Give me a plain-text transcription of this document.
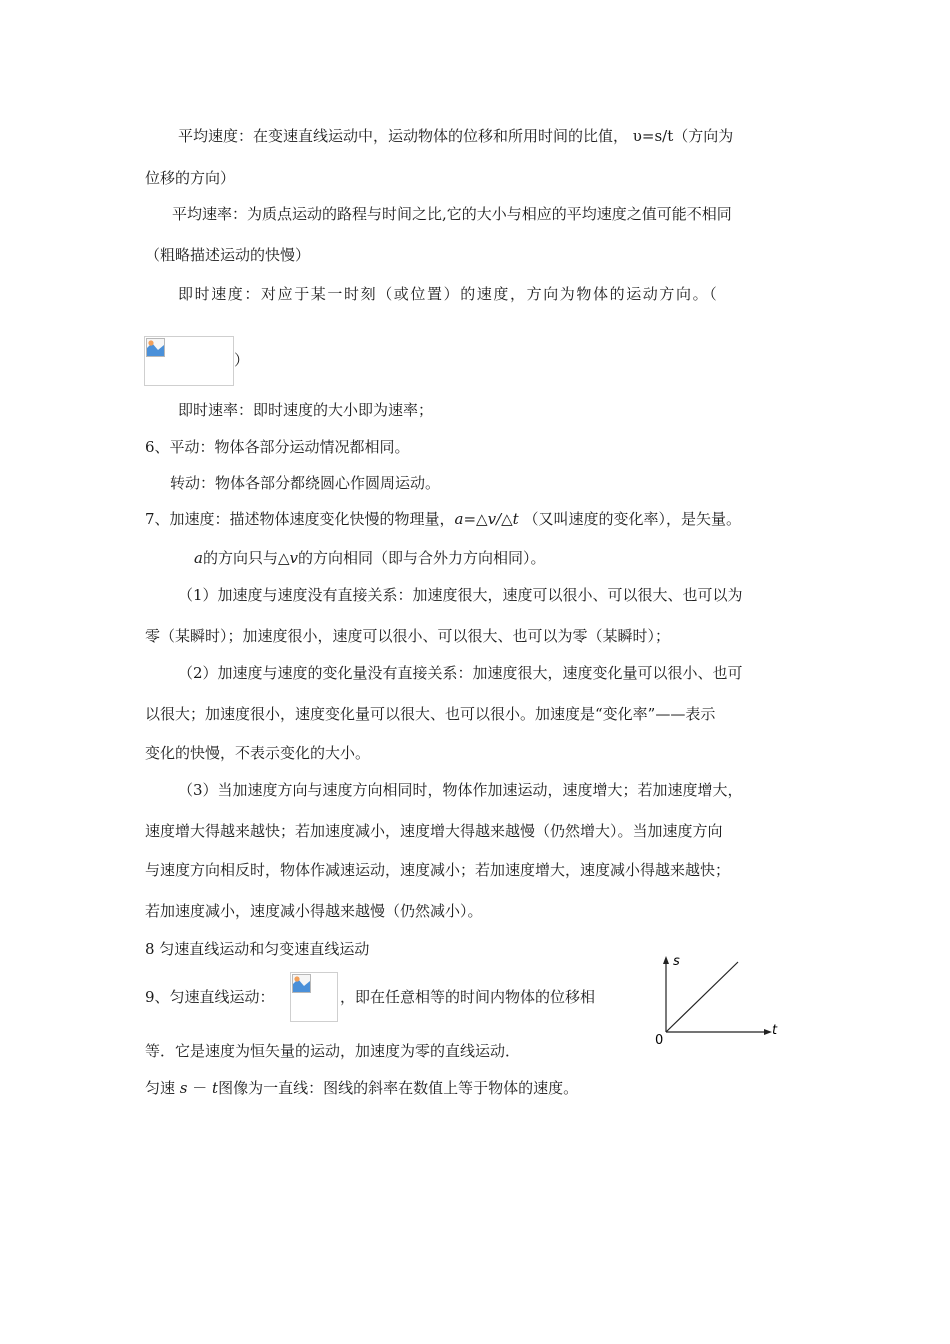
平均速度：在变速直线运动中，运动物体的位移和所用时间的比值， υ=s/t（方向为
位移的方向）
平均速率：为质点运动的路程与时间之比,它的大小与相应的平均速度之值可能不相同
（粗略描述运动的快慢）
即时速度：对应于某一时刻（或位置）的速度，方向为物体的运动方向。（
）
即时速率：即时速度的大小即为速率；
6、平动：物体各部分运动情况都相同。
转动：物体各部分都绕圆心作圆周运动。
7、加速度：描述物体速度变化快慢的物理量，a=△v/△t （又叫速度的变化率），是矢量。
a的方向只与△v的方向相同（即与合外力方向相同）。
（1）加速度与速度没有直接关系：加速度很大，速度可以很小、可以很大、也可以为
零（某瞬时）；加速度很小，速度可以很小、可以很大、也可以为零（某瞬时）；
（2）加速度与速度的变化量没有直接关系：加速度很大，速度变化量可以很小、也可
以很大；加速度很小，速度变化量可以很大、也可以很小。加速度是“变化率”——表示
变化的快慢，不表示变化的大小。
（3）当加速度方向与速度方向相同时，物体作加速运动，速度增大；若加速度增大，
速度增大得越来越快；若加速度减小，速度增大得越来越慢（仍然增大）。当加速度方向
与速度方向相反时，物体作减速运动，速度减小；若加速度增大，速度减小得越来越快；
若加速度减小，速度减小得越来越慢（仍然减小）。
8 匀速直线运动和匀变速直线运动
9、匀速直线运动：	，即在任意相等的时间内物体的位移相
等．它是速度为恒矢量的运动，加速度为零的直线运动．
匀速 s － t图像为一直线：图线的斜率在数值上等于物体的速度。
s
t
0
